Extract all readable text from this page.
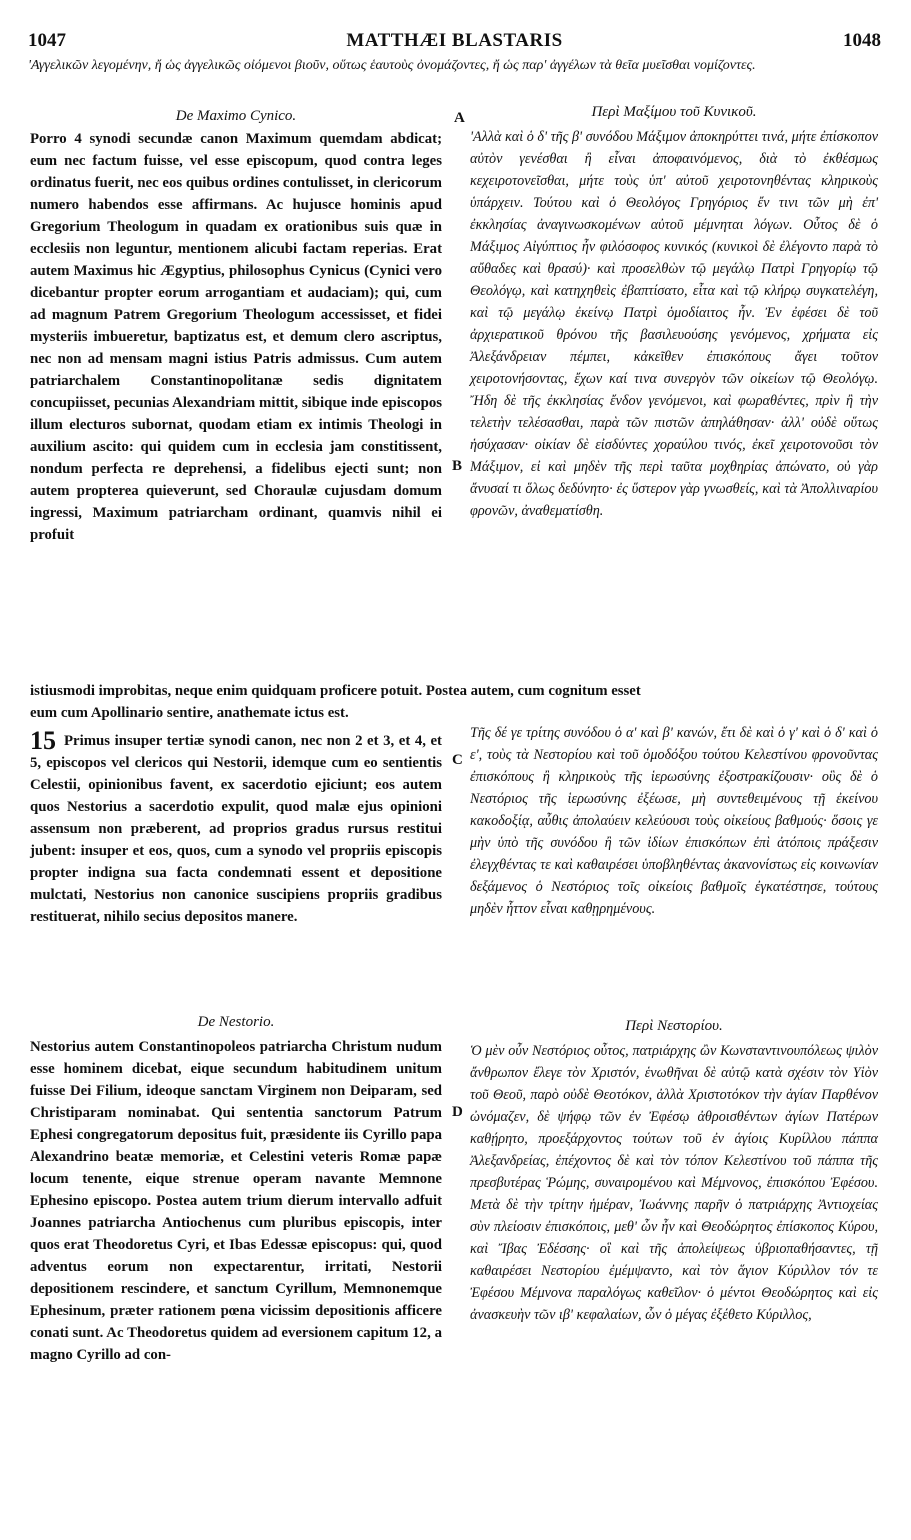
1047	MATTHÆI BLASTARIS	1048
'Αγγελικῶν λεγομένην, ἤ ὡς ἀγγελικῶς οἰόμενοι βιοῦν, οὕτως ἑαυτοὺς ὀνομάζοντες, ἤ ὡς παρ' ἀγγέλων τὰ θεῖα μυεῖσθαι νομίζοντες.
De Maximo Cynico.	A	Περὶ Μαξίμου τοῦ Κυνικοῦ.
Porro 4 synodi secundæ canon Maximum quemdam abdicat; eum nec factum fuisse, vel esse episcopum, quod contra leges ordinatus fuerit, nec eos quibus ordines contulisset, in clericorum numero habendos esse affirmans. Ac hujusce hominis apud Gregorium Theologum in quadam ex orationibus suis quæ in ecclesiis non leguntur, mentionem alicubi factam reperias. Erat autem Maximus hic Ægyptius, philosophus Cynicus (Cynici vero dicebantur propter eorum arrogantiam et audaciam); qui, cum ad magnum Patrem Gregorium Theologum accessisset, et fidei mysteriis imbueretur, baptizatus est, et demum clero ascriptus, nec non ad mensam magni istius Patris admissus. Cum autem patriarchalem Constantinopolitanæ sedis dignitatem concupiisset, pecunias Alexandriam mittit, sibique inde episcopos illum electuros subornat, quodam etiam ex intimis Theologi in auxilium ascito: qui quidem cum in ecclesia jam constitissent, nondum perfecta re deprehensi, a fidelibus ejecti sunt; non autem propterea quieverunt, sed Choraulæ cujusdam domum ingressi, Maximum patriarcham ordinant, quamvis nihil ei profuit
'Αλλὰ καὶ ὁ δ' τῆς β' συνόδου Μάξιμον ἀποκηρύττει τινά, μήτε ἐπίσκοπον αὐτὸν γενέσθαι ἢ εἶναι ἀποφαινόμενος, διὰ τὸ ἐκθέσμως κεχειροτονεῖσθαι, μήτε τοὺς ὑπ' αὐτοῦ χειροτονηθέντας κληρικοὺς ὑπάρχειν. Τούτου καὶ ὁ Θεολόγος Γρηγόριος ἔν τινι τῶν μὴ ἐπ' ἐκκλησίας ἀναγινωσκομένων αὐτοῦ μέμνηται λόγων. Οὗτος δὲ ὁ Μάξιμος Αἰγύπτιος ἦν φιλόσοφος κυνικός (κυνικοὶ δὲ ἐλέγοντο παρὰ τὸ αὔθαδες καὶ θρασύ)· καὶ προσελθὼν τῷ μεγάλῳ Πατρὶ Γρηγορίῳ τῷ Θεολόγῳ, καὶ κατηχηθεὶς ἐβαπτίσατο, εἶτα καὶ τῷ κλήρῳ συγκατελέγη, καὶ τῷ μεγάλῳ ἐκείνῳ Πατρὶ ὁμοδίαιτος ἦν. Ἐν ἐφέσει δὲ τοῦ ἀρχιερατικοῦ θρόνου τῆς βασιλευούσης γενόμενος, χρήματα εἰς Ἀλεξάνδρειαν πέμπει, κἀκεῖθεν ἐπισκόπους ἄγει τοῦτον χειροτονήσοντας, ἔχων καί τινα συνεργὸν τῶν οἰκείων τῷ Θεολόγῳ. Ἤδη δὲ τῆς ἐκκλησίας ἔνδον γενόμενοι, καὶ φωραθέντες, πρὶν ἢ τὴν τελετὴν τελέσασθαι, παρὰ τῶν πιστῶν ἀπηλάθησαν· ἀλλ' οὐδὲ οὕτως ἡσύχασαν· οἰκίαν δὲ εἰσδύντες χοραύλου τινός, ἐκεῖ χειροτονοῦσι τὸν Μάξιμον, εἰ καὶ μηδὲν τῆς περὶ ταῦτα μοχθηρίας ἀπώνατο, οὐ γὰρ ἄνυσαί τι ὅλως δεδύνητο· ἐς ὕστερον γὰρ γνωσθείς, καὶ τὰ Ἀπολλιναρίου φρονῶν, ἀναθεματίσθη.
B
istiusmodi improbitas, neque enim quidquam proficere potuit. Postea autem, cum cognitum esset
eum cum Apollinario sentire, anathemate ictus est.
15 Primus insuper tertiæ synodi canon, nec non 2 et 3, et 4, et 5, episcopos vel clericos qui Nestorii, idemque cum eo sentientis Celestii, opinionibus favent, ex sacerdotio ejiciunt; eos autem quos Nestorius a sacerdotio expulit, quod malæ ejus opinioni assensum non præberent, ad proprios gradus rursus restitui jubent: insuper et eos, quos, cum a synodo vel propriis episcopis propter indigna sua facta condemnati essent et depositione mulctati, Nestorius non canonice suscipiens propriis gradibus restituerat, nihilo secius depositos manere.
C
Τῆς δέ γε τρίτης συνόδου ὁ α' καὶ β' κανών, ἔτι δὲ καὶ ὁ γ' καὶ ὁ δ' καὶ ὁ ε', τοὺς τὰ Νεστορίου καὶ τοῦ ὁμοδόξου τούτου Κελεστίνου φρονοῦντας ἐπισκόπους ἢ κληρικοὺς τῆς ἱερωσύνης ἐξοστρακίζουσιν· οὓς δὲ ὁ Νεστόριος τῆς ἱερωσύνης ἐξέωσε, μὴ συντεθειμένους τῇ ἐκείνου κακοδοξίᾳ, αὖθις ἀπολαύειν κελεύουσι τοὺς οἰκείους βαθμούς· ὅσοις γε μὴν ὑπὸ τῆς συνόδου ἢ τῶν ἰδίων ἐπισκόπων ἐπὶ ἀτόποις πράξεσιν ἐλεγχθέντας τε καὶ καθαιρέσει ὑποβληθέντας ἀκανονίστως εἰς κοινωνίαν δεξάμενος ὁ Νεστόριος τοῖς οἰκείοις βαθμοῖς ἐγκατέστησε, τούτους μηδὲν ἧττον εἶναι καθῃρημένους.
De Nestorio.
Nestorius autem Constantinopoleos patriarcha Christum nudum esse hominem dicebat, eique secundum habitudinem unitum fuisse Dei Filium, ideoque sanctam Virginem non Deiparam, sed Christiparam nominabat. Qui sententia sanctorum Patrum Ephesi congregatorum depositus fuit, præsidente iis Cyrillo papa Alexandrino beatæ memoriæ, et Celestini veteris Romæ papæ locum tenente, eique strenue operam navante Memnone Ephesino episcopo. Postea autem trium dierum intervallo adfuit Joannes patriarcha Antiochenus cum pluribus episcopis, inter quos erat Theodoretus Cyri, et Ibas Edessæ episcopus: qui, quod adventus eorum non expectarentur, irritati, Nestorii depositionem rescindere, et sanctum Cyrillum, Memnonemque Ephesinum, præter rationem pœna vicissim depositionis afficere conati sunt. Ac Theodoretus quidem ad eversionem capitum 12, a magno Cyrillo ad con-
Περὶ Νεστορίου.
Ὁ μὲν οὖν Νεστόριος οὗτος, πατριάρχης ὢν Κωνσταντινουπόλεως ψιλὸν ἄνθρωπον ἔλεγε τὸν Χριστόν, ἑνωθῆναι δὲ αὐτῷ κατὰ σχέσιν τὸν Υἱὸν τοῦ Θεοῦ, παρὸ οὐδὲ Θεοτόκον, ἀλλὰ Χριστοτόκον τὴν ἁγίαν Παρθένον ὠνόμαζεν, δὲ ψήφῳ τῶν ἐν Ἐφέσῳ ἀθροισθέντων ἁγίων Πατέρων καθῄρητο, προεξάρχοντος τούτων τοῦ ἐν ἁγίοις Κυρίλλου πάππα Ἀλεξανδρείας, ἐπέχοντος δὲ καὶ τὸν τόπον Κελεστίνου τοῦ πάππα τῆς πρεσβυτέρας Ῥώμης, συναιρομένου καὶ Μέμνονος, ἐπισκόπου Ἐφέσου. Μετὰ δὲ τὴν τρίτην ἡμέραν, Ἰωάννης παρῆν ὁ πατριάρχης Ἀντιοχείας σὺν πλείοσιν ἐπισκόποις, μεθ' ὧν ἦν καὶ Θεοδώρητος ἐπίσκοπος Κύρου, καὶ Ἴβας Ἐδέσσης· οἳ καὶ τῆς ἀπολείψεως ὑβριοπαθήσαντες, τῇ καθαιρέσει Νεστορίου ἐμέμψαντο, καὶ τὸν ἅγιον Κύριλλον τόν τε Ἐφέσου Μέμνονα παραλόγως καθεῖλον· ὁ μέντοι Θεοδώρητος καὶ εἰς ἀνασκευὴν τῶν ιβ' κεφαλαίων, ὧν ὁ μέγας ἐξέθετο Κύριλλος,
D
